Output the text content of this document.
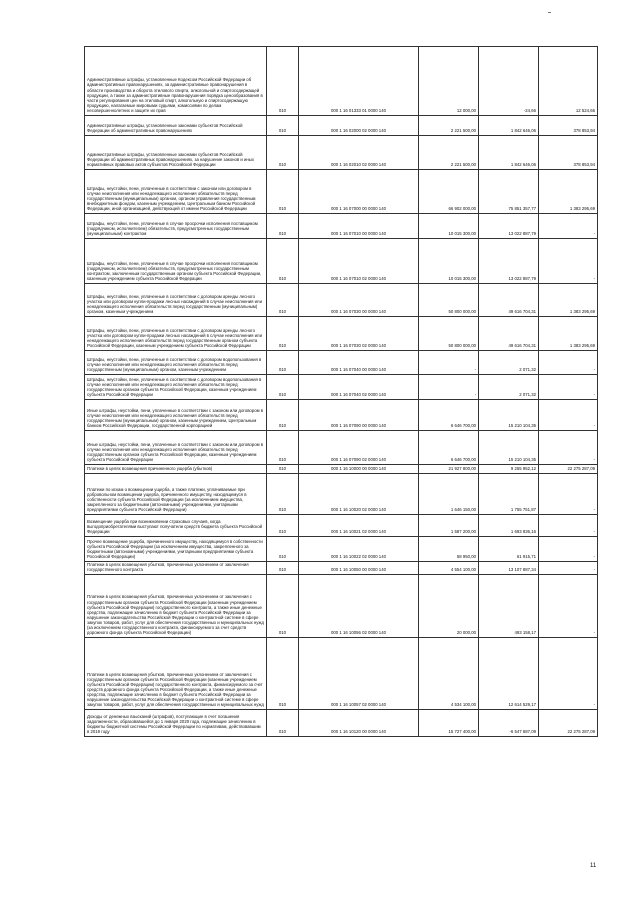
Административные штрафы, установленные Кодексом Российской Федерации об административных правонарушениях, за административные правонарушения в области производства и оборота этилового спирта, алкогольной и спиртосодержащей продукции, а также за административные правонарушения порядка ценообразования в части регулирования цен на этиловый спирт, алкогольную и спиртосодержащую продукцию, налагаемые мировыми судьями, комиссиями по делам несовершеннолетних и защите их прав	010	000 1 16 01333 01 0000 140	12 000,00	-24,66	12 524,66
Административные штрафы, установленные законами субъектов Российской Федерации об административных правонарушениях	010	000 1 16 02000 02 0000 140	2 221 500,00	1 842 646,06	378 853,94
Административные штрафы, установленные законами субъектов Российской Федерации об административных правонарушениях, за нарушение законов и иных нормативных правовых актов субъектов Российской Федерации	010	000 1 16 02010 02 0000 140	2 221 500,00	1 842 646,06	378 853,94
Штрафы, неустойки, пени, уплаченные в соответствии с законом или договором в случае неисполнения или ненадлежащего исполнения обязательств перед государственным (муниципальным) органом, органом управления государственным внебюджетным фондом, казенным учреждением, Центральным банком Российской Федерации, иной организацией, действующей от имени Российской Федерации	010	000 1 16 07000 00 0000 140	66 902 000,00	75 851 357,77	1 383 295,69
Штрафы, неустойки, пени, уплаченные в случае просрочки исполнения поставщиком (подрядчиком, исполнителем) обязательств, предусмотренных государственным (муниципальным) контрактом	010	000 1 16 07010 00 0000 140	10 015 300,00	13 022 887,79	-
Штрафы, неустойки, пени, уплаченные в случае просрочки исполнения поставщиком (подрядчиком, исполнителем) обязательств, предусмотренных государственным контрактом, заключенным государственным органом субъекта Российской Федерации, казенным учреждением субъекта Российской Федерации	010	000 1 16 07010 02 0000 140	10 015 300,00	13 022 887,79	-
Штрафы, неустойки, пени, уплаченные в соответствии с договором аренды лесного участка или договором купли-продажи лесных насаждений в случае неисполнения или ненадлежащего исполнения обязательств перед государственным (муниципальным) органом, казенным учреждением	010	000 1 16 07030 00 0000 140	50 800 000,00	49 616 704,31	1 383 295,69
Штрафы, неустойки, пени, уплаченные в соответствии с договором аренды лесного участка или договором купли-продажи лесных насаждений в случае неисполнения или ненадлежащего исполнения обязательств перед государственным органом субъекта Российской Федерации, казенным учреждением субъекта Российской Федерации	010	000 1 16 07030 02 0000 140	50 800 000,00	49 616 704,31	1 383 295,69
Штрафы, неустойки, пени, уплаченные в соответствии с договором водопользования в случае неисполнения или ненадлежащего исполнения обязательств перед государственным (муниципальным) органом, казенным учреждением	010	000 1 16 07040 00 0000 140	-	2 071,32	-
Штрафы, неустойки, пени, уплаченные в соответствии с договором водопользования в случае неисполнения или ненадлежащего исполнения обязательств перед государственным органом субъекта Российской Федерации, казенным учреждением субъекта Российской Федерации	010	000 1 16 07040 02 0000 140	-	2 071,32	-
Иные штрафы, неустойки, пени, уплаченные в соответствии с законом или договором в случае неисполнения или ненадлежащего исполнения обязательств перед государственным (муниципальным) органом, казенным учреждением, Центральным банком Российской Федерации, государственной корпорацией	010	000 1 16 07090 00 0000 140	6 646 700,00	15 210 104,35	-
Иные штрафы, неустойки, пени, уплаченные в соответствии с законом или договором в случае неисполнения или ненадлежащего исполнения обязательств перед государственным органом субъекта Российской Федерации, казенным учреждением субъекта Российской Федерации	010	000 1 16 07090 02 0000 140	6 646 700,00	15 210 104,35	-
Платежи в целях возмещения причиненного ущерба (убытков)	010	000 1 16 10000 00 0000 140	21 927 800,00	9 255 952,12	22 275 287,09
Платежи по искам о возмещении ущерба, а также платежи, уплачиваемые при добровольном возмещении ущерба, причиненного имуществу, находящемуся в собственности субъекта Российской Федерации (за исключением имущества, закрепленного за бюджетными (автономными) учреждениями, унитарными предприятиями субъекта Российской Федерации)	010	000 1 16 10020 02 0000 140	1 646 150,00	1 755 751,87	-
Возмещение ущерба при возникновении страховых случаев, когда выгодоприобретателями выступают получатели средств бюджета субъекта Российской Федерации	010	000 1 16 10021 02 0000 140	1 587 200,00	1 693 836,16	-
Прочее возмещение ущерба, причиненного имуществу, находящемуся в собственности субъекта Российской Федерации (за исключением имущества, закрепленного за бюджетными (автономными) учреждениями, унитарными предприятиями субъекта Российской Федерации)	010	000 1 16 10022 02 0000 140	58 950,00	61 915,71	-
Платежи в целях возмещения убытков, причиненных уклонением от заключения государственного контракта	010	000 1 16 10050 00 0000 140	4 554 100,00	13 107 887,34	-
Платежи в целях возмещения убытков, причиненных уклонением от заключения с государственным органом субъекта Российской Федерации (казенным учреждением субъекта Российской Федерации) государственного контракта, а также иные денежные средства, подлежащие зачислению в бюджет субъекта Российской Федерации за нарушение законодательства Российской Федерации о контрактной системе в сфере закупок товаров, работ, услуг для обеспечения государственных и муниципальных нужд (за исключением государственного контракта, финансируемого за счет средств дорожного фонда субъекта Российской Федерации)	010	000 1 16 10056 02 0000 140	20 000,00	493 158,17	-
Платежи в целях возмещения убытков, причиненных уклонением от заключения с государственным органом субъекта Российской Федерации (казенным учреждением субъекта Российской Федерации) государственного контракта, финансируемого за счет средств дорожного фонда субъекта Российской Федерации, а также иные денежные средства, подлежащие зачислению в бюджет субъекта Российской Федерации за нарушение законодательства Российской Федерации о контрактной системе в сфере закупок товаров, работ, услуг для обеспечения государственных и муниципальных нужд	010	000 1 16 10057 02 0000 140	4 534 100,00	12 614 529,17	-
Доходы от денежных взысканий (штрафов), поступающие в счет погашения задолженности, образовавшейся до 1 января 2020 года, подлежащие зачислению в бюджеты бюджетной системы Российской Федерации по нормативам, действовавшим в 2019 году	010	000 1 16 10120 00 0000 140	15 727 400,00	-6 547 687,09	22 275 287,09
11
